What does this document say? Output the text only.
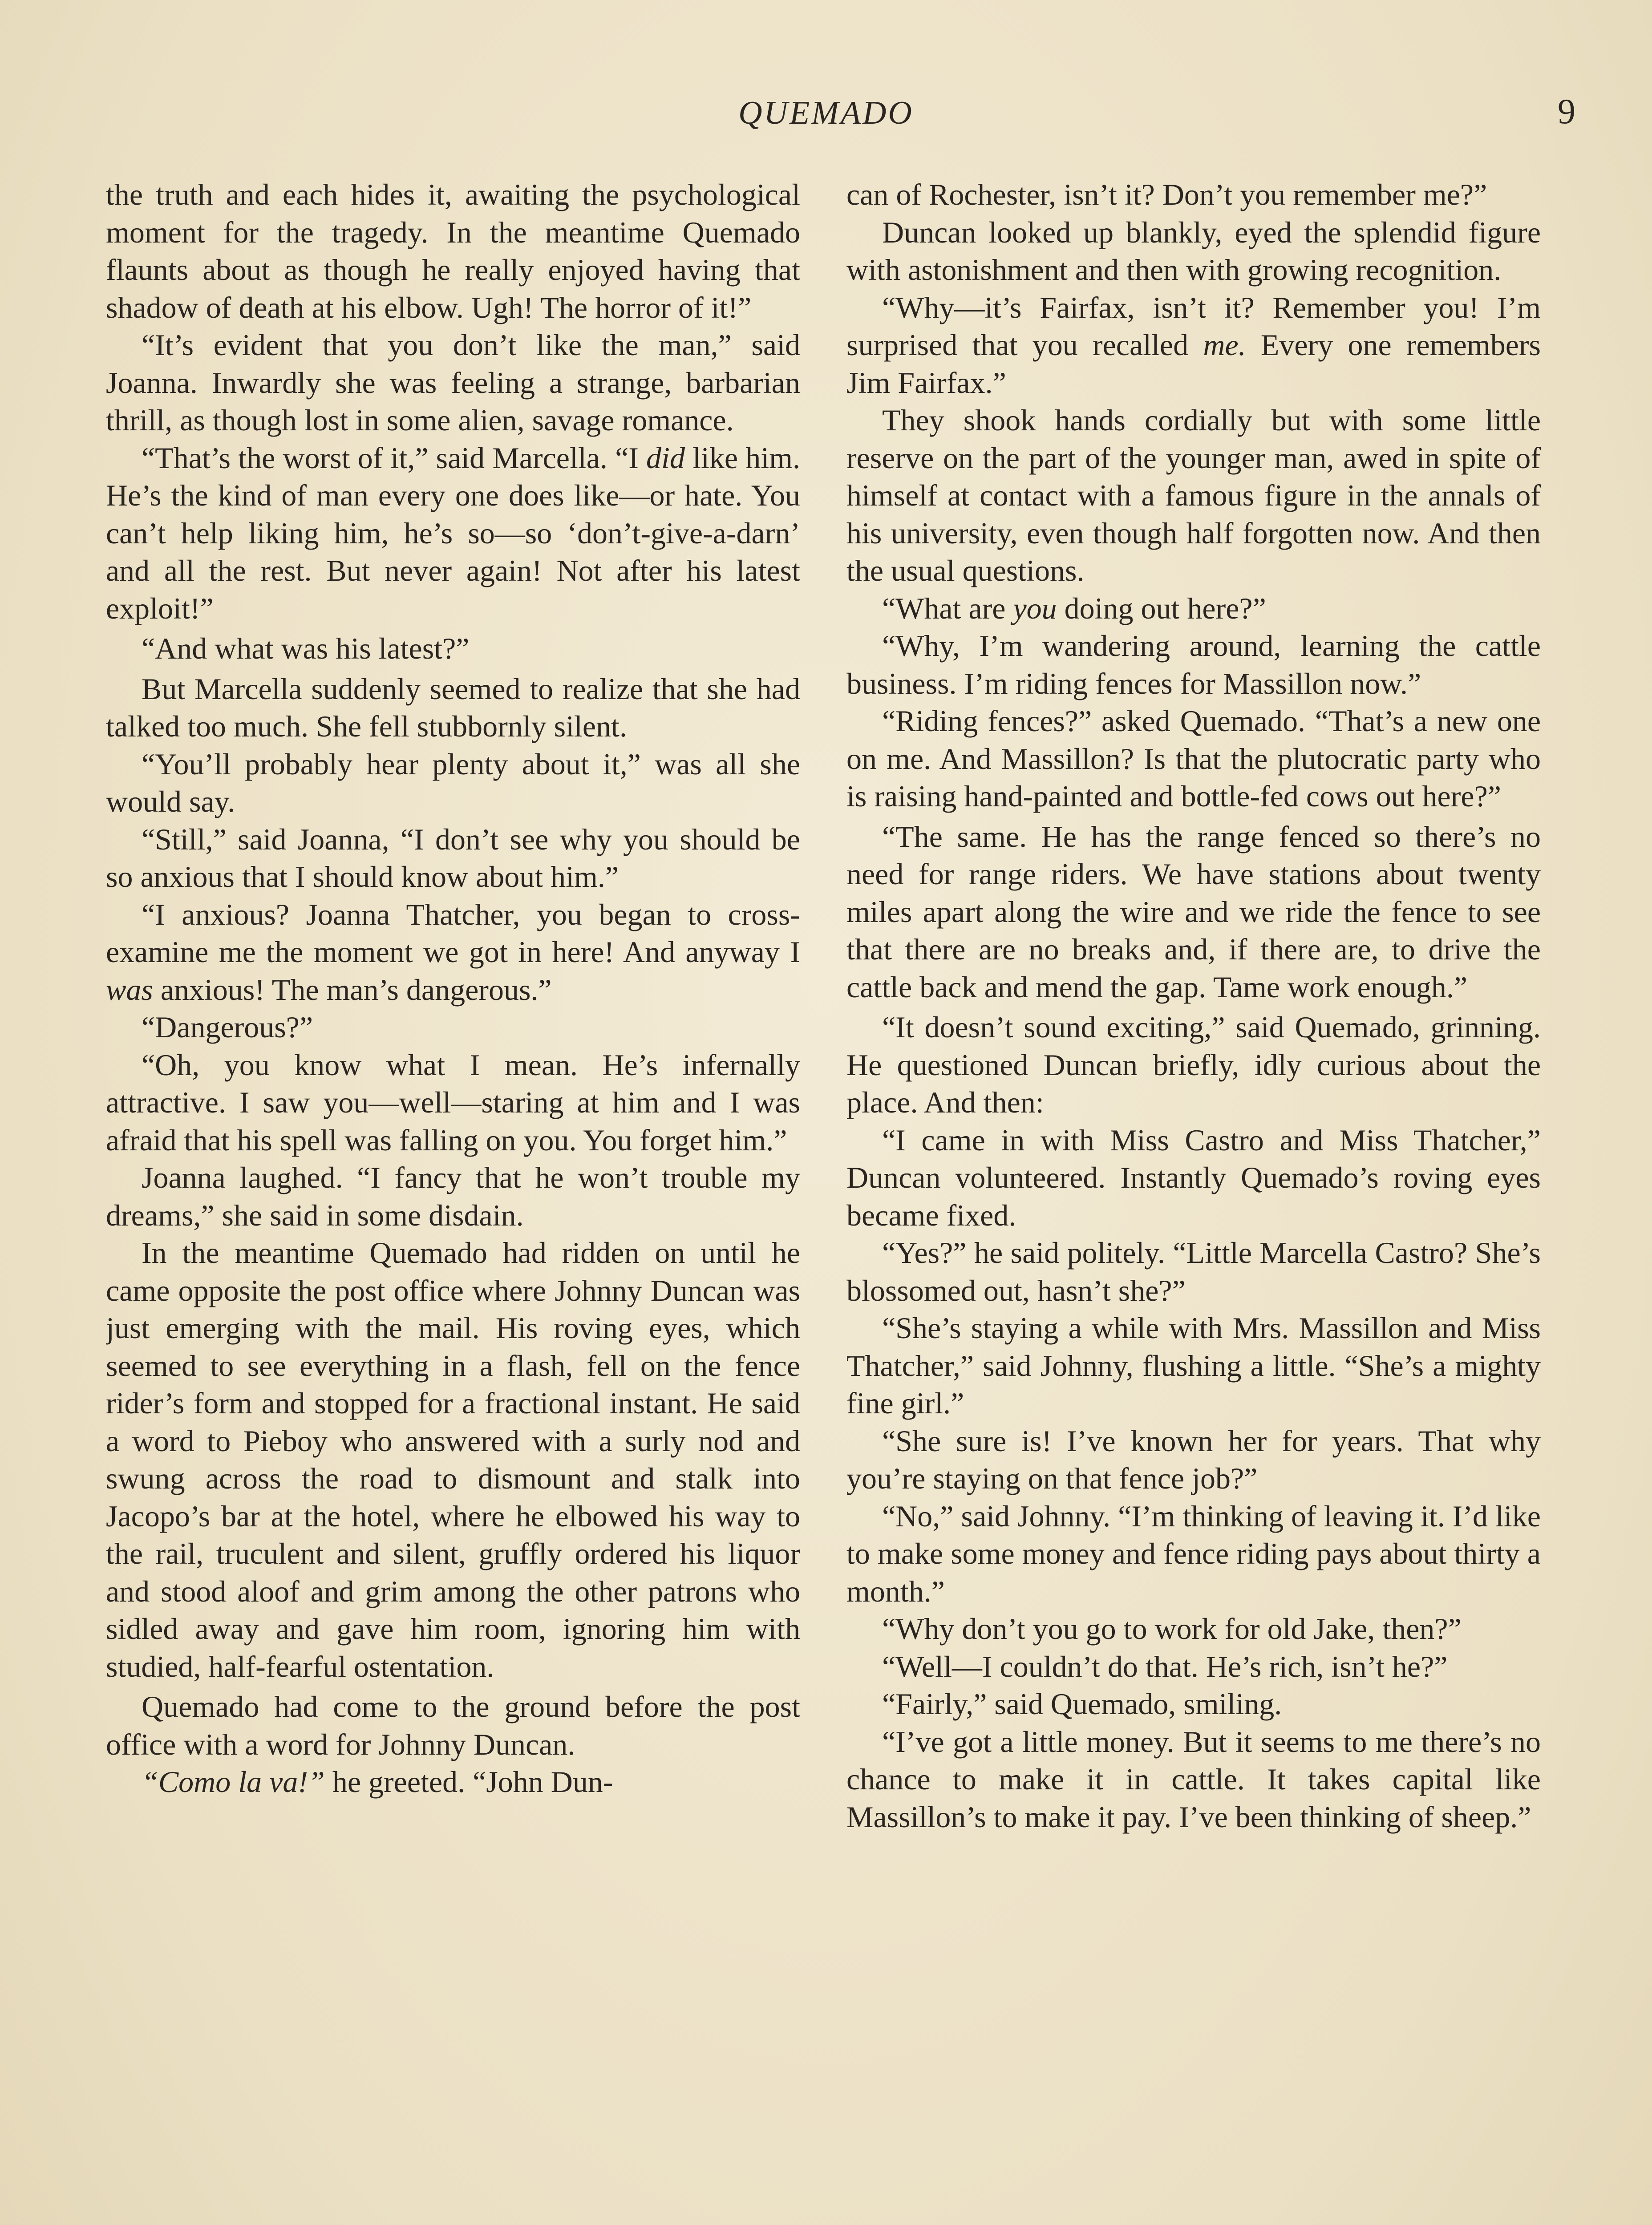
QUEMADO	9

the truth and each hides it, awaiting the psychological moment for the tragedy. In the meantime Quemado flaunts about as though he really enjoyed having that shadow of death at his elbow. Ugh! The horror of it!”

“It’s evident that you don’t like the man,” said Joanna. Inwardly she was feeling a strange, barbarian thrill, as though lost in some alien, savage romance.

“That’s the worst of it,” said Marcella. “I did like him. He’s the kind of man every one does like—or hate. You can’t help liking him, he’s so—so ‘don’t-give-a-darn’ and all the rest. But never again! Not after his latest exploit!”

“And what was his latest?”

But Marcella suddenly seemed to realize that she had talked too much. She fell stubbornly silent.

“You’ll probably hear plenty about it,” was all she would say.

“Still,” said Joanna, “I don’t see why you should be so anxious that I should know about him.”

“I anxious? Joanna Thatcher, you began to cross-examine me the moment we got in here! And anyway I was anxious! The man’s dangerous.”

“Dangerous?”

“Oh, you know what I mean. He’s infernally attractive. I saw you—well—staring at him and I was afraid that his spell was falling on you. You forget him.”

Joanna laughed. “I fancy that he won’t trouble my dreams,” she said in some disdain.

In the meantime Quemado had ridden on until he came opposite the post office where Johnny Duncan was just emerging with the mail. His roving eyes, which seemed to see everything in a flash, fell on the fence rider’s form and stopped for a fractional instant. He said a word to Pieboy who answered with a surly nod and swung across the road to dismount and stalk into Jacopo’s bar at the hotel, where he elbowed his way to the rail, truculent and silent, gruffly ordered his liquor and stood aloof and grim among the other patrons who sidled away and gave him room, ignoring him with studied, half-fearful ostentation.

Quemado had come to the ground before the post office with a word for Johnny Duncan.

“Como la va!” he greeted. “John Dun-

can of Rochester, isn’t it? Don’t you remember me?”

Duncan looked up blankly, eyed the splendid figure with astonishment and then with growing recognition.

“Why—it’s Fairfax, isn’t it? Remember you! I’m surprised that you recalled me. Every one remembers Jim Fairfax.”

They shook hands cordially but with some little reserve on the part of the younger man, awed in spite of himself at contact with a famous figure in the annals of his university, even though half forgotten now. And then the usual questions.

“What are you doing out here?”

“Why, I’m wandering around, learning the cattle business. I’m riding fences for Massillon now.”

“Riding fences?” asked Quemado. “That’s a new one on me. And Massillon? Is that the plutocratic party who is raising hand-painted and bottle-fed cows out here?”

“The same. He has the range fenced so there’s no need for range riders. We have stations about twenty miles apart along the wire and we ride the fence to see that there are no breaks and, if there are, to drive the cattle back and mend the gap. Tame work enough.”

“It doesn’t sound exciting,” said Quemado, grinning. He questioned Duncan briefly, idly curious about the place. And then:

“I came in with Miss Castro and Miss Thatcher,” Duncan volunteered. Instantly Quemado’s roving eyes became fixed.

“Yes?” he said politely. “Little Marcella Castro? She’s blossomed out, hasn’t she?”

“She’s staying a while with Mrs. Massillon and Miss Thatcher,” said Johnny, flushing a little. “She’s a mighty fine girl.”

“She sure is! I’ve known her for years. That why you’re staying on that fence job?”

“No,” said Johnny. “I’m thinking of leaving it. I’d like to make some money and fence riding pays about thirty a month.”

“Why don’t you go to work for old Jake, then?”

“Well—I couldn’t do that. He’s rich, isn’t he?”

“Fairly,” said Quemado, smiling.

“I’ve got a little money. But it seems to me there’s no chance to make it in cattle. It takes capital like Massillon’s to make it pay. I’ve been thinking of sheep.”
